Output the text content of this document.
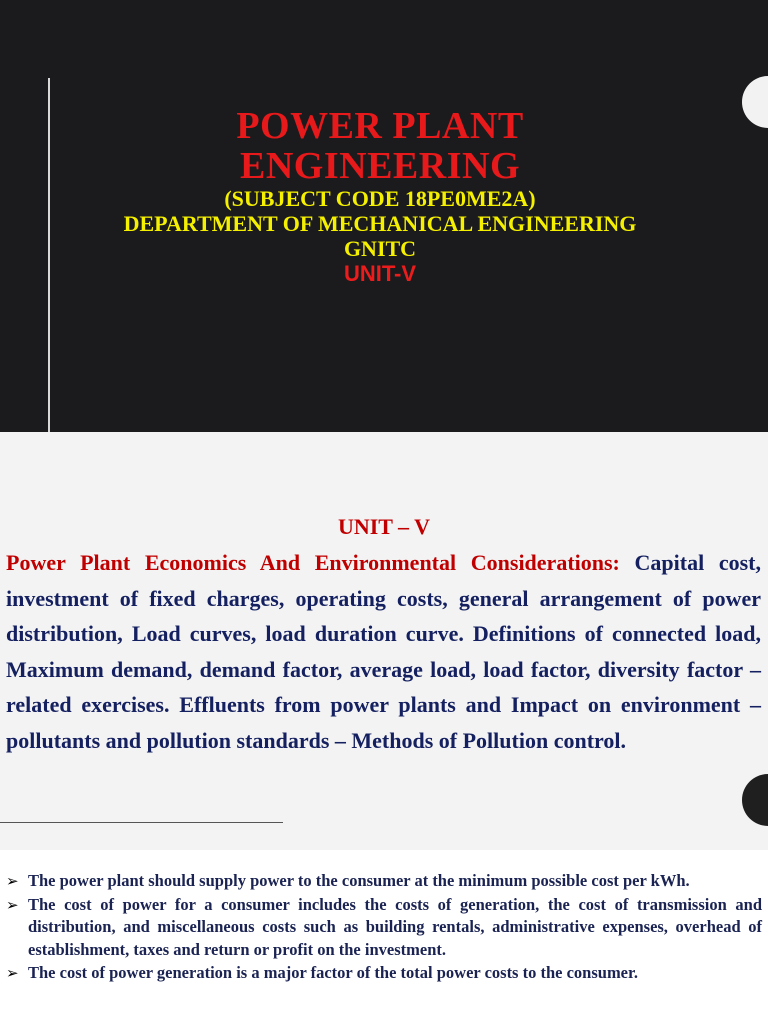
POWER PLANT

ENGINEERING

(SUBJECT CODE 18PE0ME2A)

DEPARTMENT OF MECHANICAL ENGINEERING

GNITC

UNIT-V

UNIT – V

Power Plant Economics And Environmental Considerations: Capital cost, investment of fixed charges, operating costs, general arrangement of power distribution, Load curves, load duration curve. Definitions of connected load, Maximum demand, demand factor, average load, load factor, diversity factor – related exercises. Effluents from power plants and Impact on environment – pollutants and pollution standards – Methods of Pollution control.

➢ The power plant should supply power to the consumer at the minimum possible cost per kWh.
➢ The cost of power for a consumer includes the costs of generation, the cost of transmission and distribution, and miscellaneous costs such as building rentals, administrative expenses, overhead of establishment, taxes and return or profit on the investment.
➢ The cost of power generation is a major factor of the total power costs to the consumer.
